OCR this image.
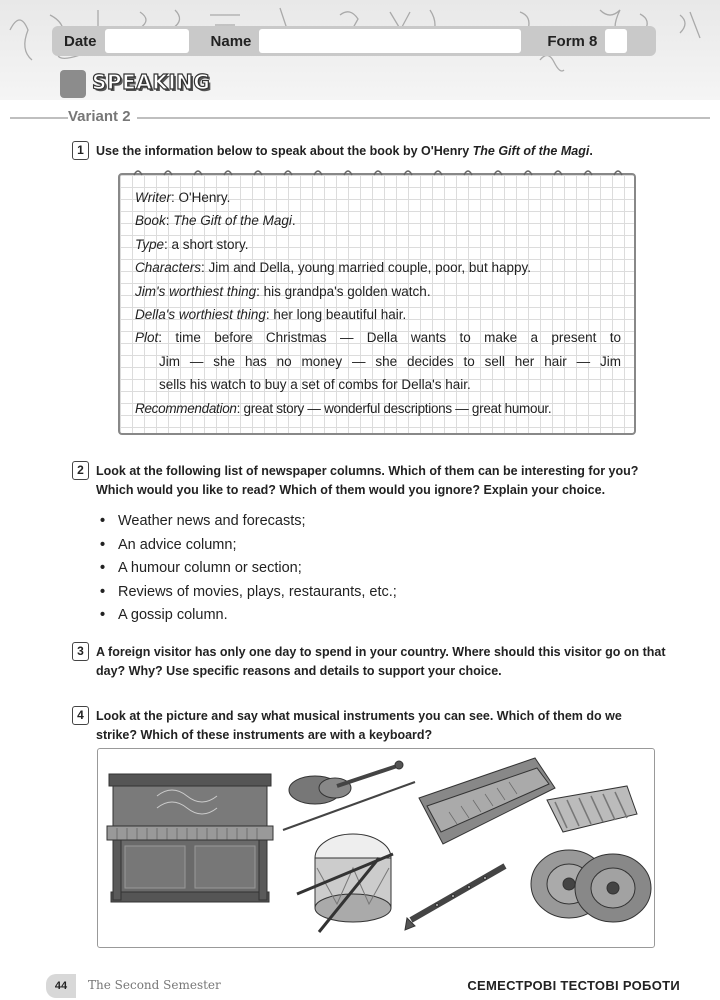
Date	Name	Form 8
SPEAKING
Variant 2
1 Use the information below to speak about the book by O'Henry The Gift of the Magi.
Writer: O'Henry.
Book: The Gift of the Magi.
Type: a short story.
Characters: Jim and Della, young married couple, poor, but happy.
Jim's worthiest thing: his grandpa's golden watch.
Della's worthiest thing: her long beautiful hair.
Plot: time before Christmas — Della wants to make a present to
Jim — she has no money — she decides to sell her hair — Jim
sells his watch to buy a set of combs for Della's hair.
Recommendation: great story — wonderful descriptions — great humour.
2 Look at the following list of newspaper columns. Which of them can be interesting for you? Which would you like to read? Which of them would you ignore? Explain your choice.
• Weather news and forecasts;
• An advice column;
• A humour column or section;
• Reviews of movies, plays, restaurants, etc.;
• A gossip column.
3 A foreign visitor has only one day to spend in your country. Where should this visitor go on that day? Why? Use specific reasons and details to support your choice.
4 Look at the picture and say what musical instruments you can see. Which of them do we strike? Which of these instruments are with a keyboard?
44	The Second Semester	СЕМЕСТРОВІ ТЕСТОВІ РОБОТИ
